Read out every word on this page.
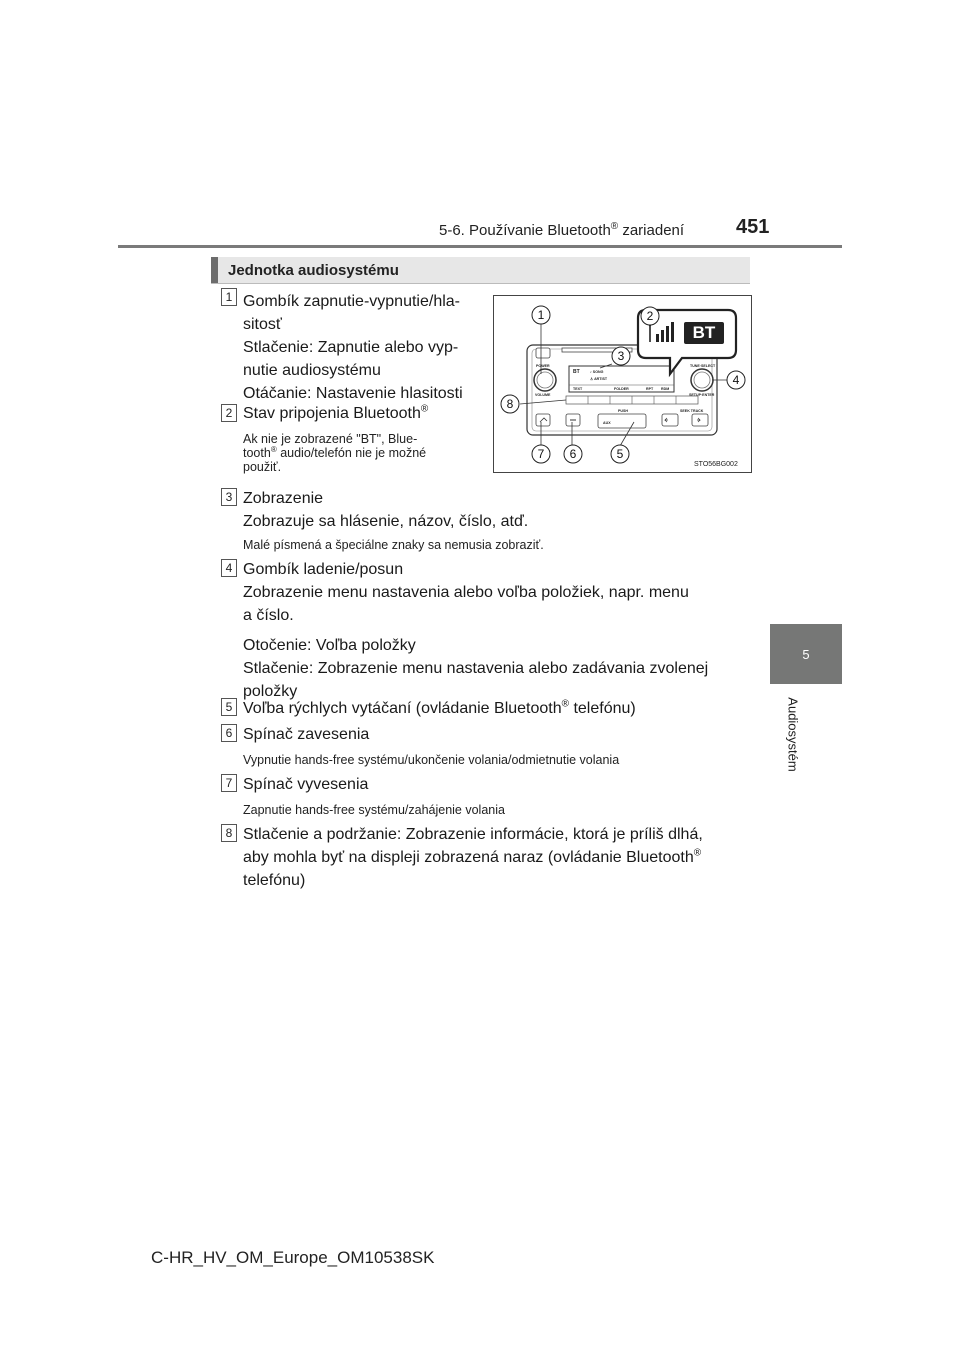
5-6. Používanie Bluetooth® zariadení	451
5
Audiosystém
Jednotka audiosystému
1 Gombík zapnutie-vypnutie/hla-
sitosť
Stlačenie: Zapnutie alebo vyp-
nutie audiosystému
Otáčanie: Nastavenie hlasitosti
2 Stav pripojenia Bluetooth®
Ak nie je zobrazené "BT", Blue-
tooth® audio/telefón nie je možné
použiť.
1	2
3
4
5
6
7
8
POWER
VOLUME
TUNE·SELECT
SETUP·ENTER
♪ SONG
♙ ARTIST
TEXT	FOLDER	RPT RDM
AUX
PUSH	SEEK TRACK
BT
BT
STO56BG002
3 Zobrazenie
Zobrazuje sa hlásenie, názov, číslo, atď.
Malé písmená a špeciálne znaky sa nemusia zobraziť.
4 Gombík ladenie/posun
Zobrazenie menu nastavenia alebo voľba položiek, napr. menu
a číslo.
Otočenie: Voľba položky
Stlačenie: Zobrazenie menu nastavenia alebo zadávania zvolenej
položky
5 Voľba rýchlych vytáčaní (ovládanie Bluetooth® telefónu)
6 Spínač zavesenia
Vypnutie hands-free systému/ukončenie volania/odmietnutie volania
7 Spínač vyvesenia
Zapnutie hands-free systému/zahájenie volania
8 Stlačenie a podržanie: Zobrazenie informácie, ktorá je príliš dlhá,
aby mohla byť na displeji zobrazená naraz (ovládanie Bluetooth®
telefónu)
C-HR_HV_OM_Europe_OM10538SK
